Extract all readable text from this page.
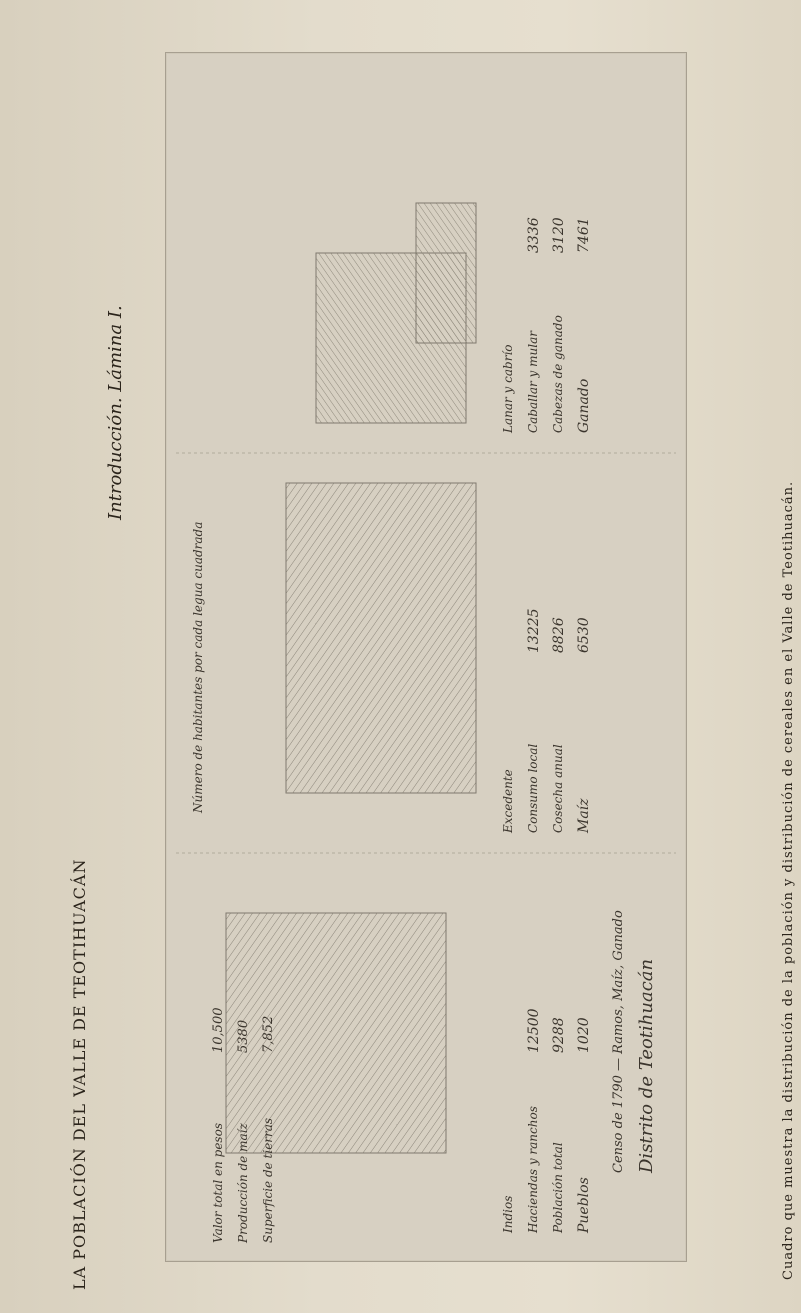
Cuadro que muestra la distribución de la población y distribución de cereales en el Valle de Teotihuacán.
LA POBLACIÓN DEL VALLE DE TEOTIHUACÁN
Introducción. Lámina I.
Distrito de Teotihuacán
Censo de 1790 — Ramos, Maíz, Ganado
Pueblos
Población total
Haciendas y ranchos
Indios
1020
9288
12500
Maíz
Cosecha anual
Consumo local
Excedente
6530
8826
13225
Ganado
Cabezas de ganado
Caballar y mular
Lanar y cabrío
7461
3120
3336
Número de habitantes por cada legua cuadrada
Superficie de tierras
7,852
Producción de maíz
5380
Valor total en pesos
10,500
